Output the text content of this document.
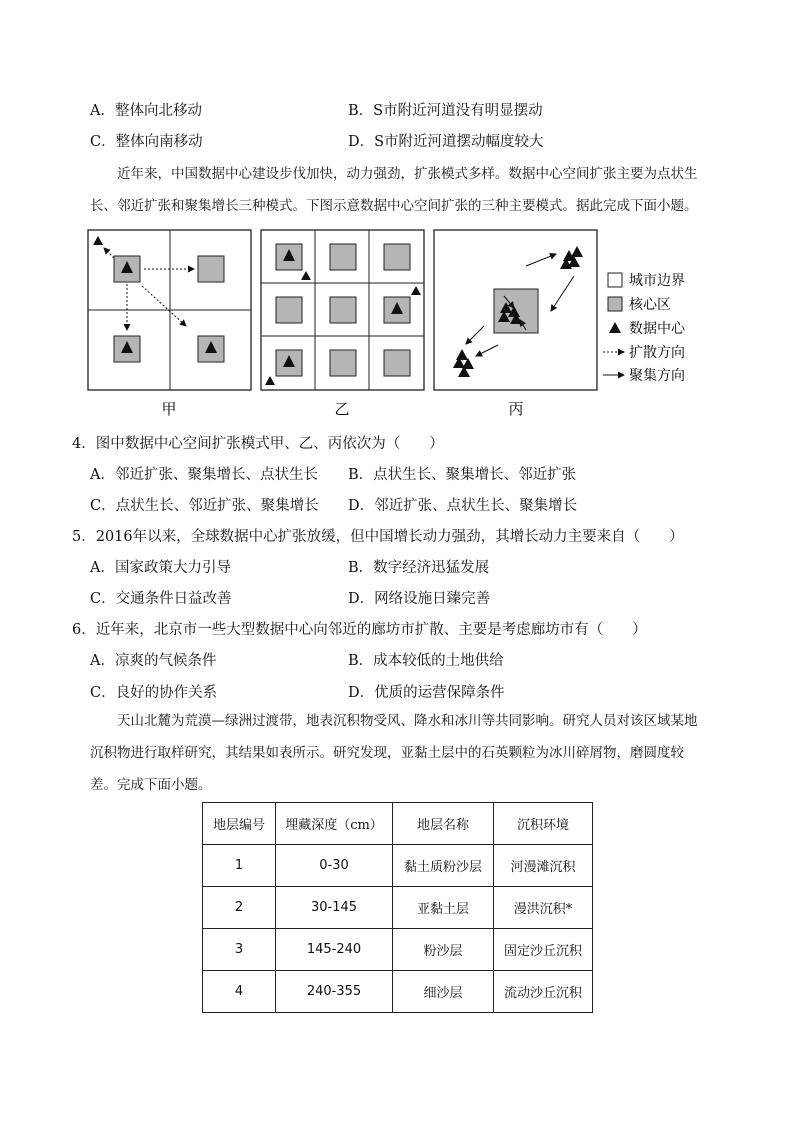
A．整体向北移动	B．S市附近河道没有明显摆动
C．整体向南移动	D．S市附近河道摆动幅度较大
近年来，中国数据中心建设步伐加快，动力强劲，扩张模式多样。数据中心空间扩张主要为点状生长、邻近扩张和聚集增长三种模式。下图示意数据中心空间扩张的三种主要模式。据此完成下面小题。
甲	乙	丙
城市边界
核心区
数据中心
扩散方向
聚集方向
4．图中数据中心空间扩张模式甲、乙、丙依次为（　　）
A．邻近扩张、聚集增长、点状生长 B．点状生长、聚集增长、邻近扩张
C．点状生长、邻近扩张、聚集增长 D．邻近扩张、点状生长、聚集增长
5．2016年以来，全球数据中心扩张放缓，但中国增长动力强劲，其增长动力主要来自（　　）
A．国家政策大力引导	B．数字经济迅猛发展
C．交通条件日益改善	D．网络设施日臻完善
6．近年来，北京市一些大型数据中心向邻近的廊坊市扩散、主要是考虑廊坊市有（　　）
A．凉爽的气候条件	B．成本较低的土地供给
C．良好的协作关系	D．优质的运营保障条件
天山北麓为荒漠—绿洲过渡带，地表沉积物受风、降水和冰川等共同影响。研究人员对该区域某地沉积物进行取样研究，其结果如表所示。研究发现，亚黏土层中的石英颗粒为冰川碎屑物，磨圆度较差。完成下面小题。
地层编号	埋藏深度（cm）	地层名称	沉积环境
1	0-30	黏土质粉沙层	河漫滩沉积
2	30-145	亚黏土层	漫洪沉积*
3	145-240	粉沙层	固定沙丘沉积
4	240-355	细沙层	流动沙丘沉积
